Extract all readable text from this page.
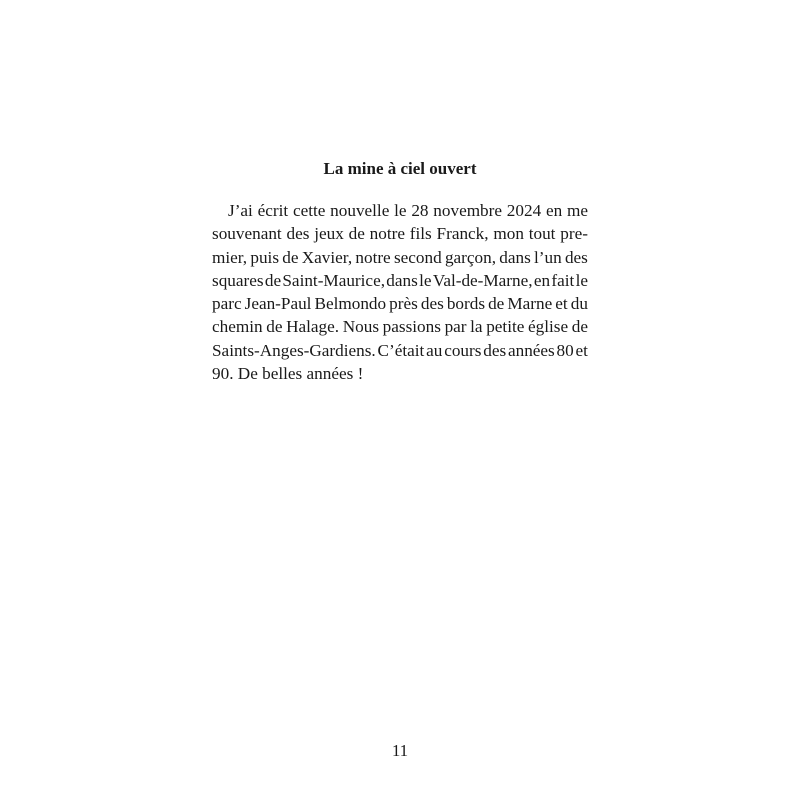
La mine à ciel ouvert
J’ai écrit cette nouvelle le 28 novembre 2024 en me
souvenant des jeux de notre fils Franck, mon tout pre-
mier, puis de Xavier, notre second garçon, dans l’un des
squares de Saint-Maurice, dans le Val-de-Marne, en fait le
parc Jean-Paul Belmondo près des bords de Marne et du
chemin de Halage. Nous passions par la petite église de
Saints-Anges-Gardiens. C’était au cours des années 80 et
90. De belles années !
11
